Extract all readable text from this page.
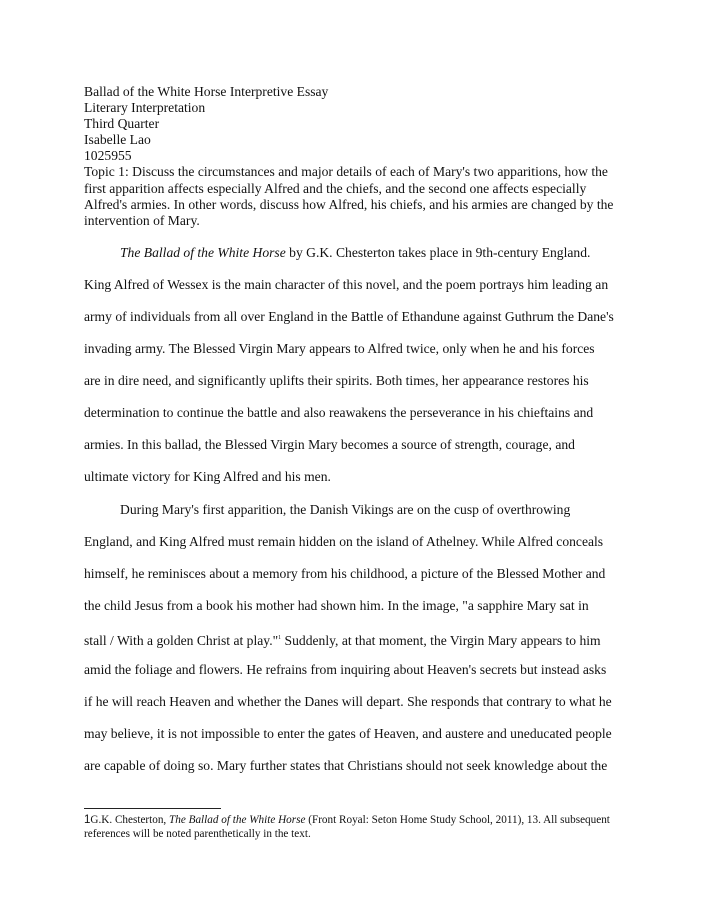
Ballad of the White Horse Interpretive Essay
Literary Interpretation
Third Quarter
Isabelle Lao
1025955
Topic 1: Discuss the circumstances and major details of each of Mary's two apparitions, how the first apparition affects especially Alfred and the chiefs, and the second one affects especially Alfred's armies. In other words, discuss how Alfred, his chiefs, and his armies are changed by the intervention of Mary.
The Ballad of the White Horse by G.K. Chesterton takes place in 9th-century England.
King Alfred of Wessex is the main character of this novel, and the poem portrays him leading an
army of individuals from all over England in the Battle of Ethandune against Guthrum the Dane's
invading army. The Blessed Virgin Mary appears to Alfred twice, only when he and his forces
are in dire need, and significantly uplifts their spirits. Both times, her appearance restores his
determination to continue the battle and also reawakens the perseverance in his chieftains and
armies. In this ballad, the Blessed Virgin Mary becomes a source of strength, courage, and
ultimate victory for King Alfred and his men.
During Mary's first apparition, the Danish Vikings are on the cusp of overthrowing
England, and King Alfred must remain hidden on the island of Athelney. While Alfred conceals
himself, he reminisces about a memory from his childhood, a picture of the Blessed Mother and
the child Jesus from a book his mother had shown him. In the image, "a sapphire Mary sat in
stall / With a golden Christ at play."$^1$ Suddenly, at that moment, the Virgin Mary appears to him
amid the foliage and flowers. He refrains from inquiring about Heaven's secrets but instead asks
if he will reach Heaven and whether the Danes will depart. She responds that contrary to what he
may believe, it is not impossible to enter the gates of Heaven, and austere and uneducated people
are capable of doing so. Mary further states that Christians should not seek knowledge about the
1G.K. Chesterton, The Ballad of the White Horse (Front Royal: Seton Home Study School, 2011), 13. All subsequent references will be noted parenthetically in the text.
